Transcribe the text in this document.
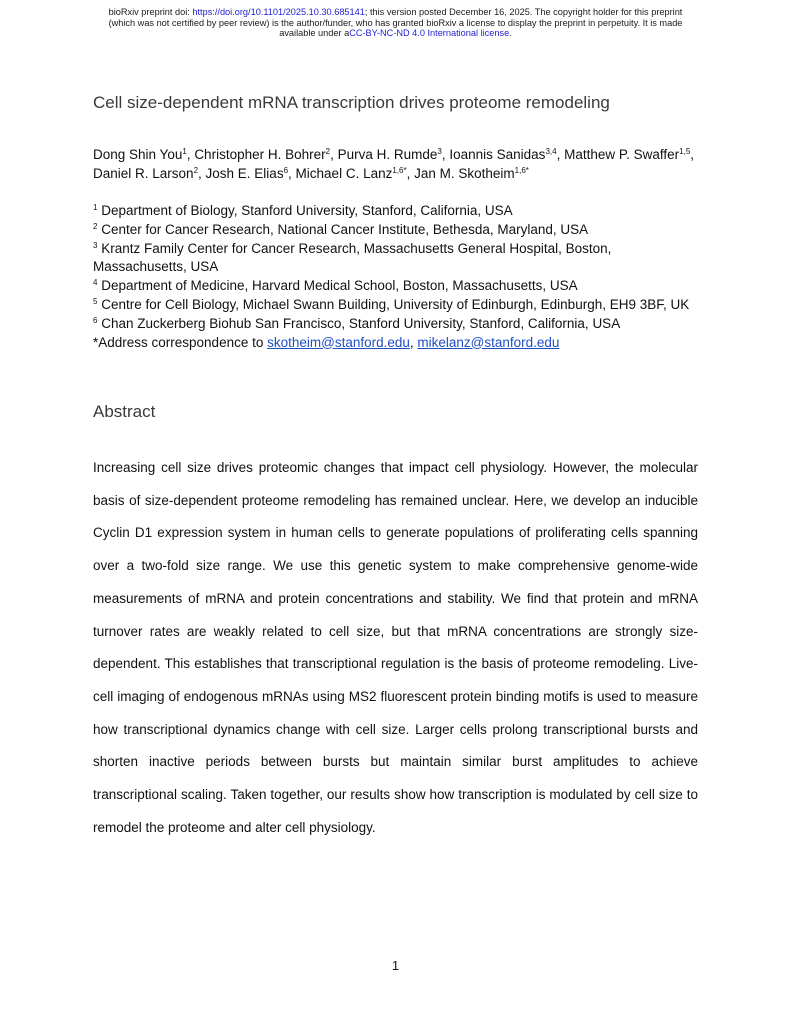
bioRxiv preprint doi: https://doi.org/10.1101/2025.10.30.685141; this version posted December 16, 2025. The copyright holder for this preprint
(which was not certified by peer review) is the author/funder, who has granted bioRxiv a license to display the preprint in perpetuity. It is made
available under aCC-BY-NC-ND 4.0 International license.
Cell size-dependent mRNA transcription drives proteome remodeling
Dong Shin You$^1$, Christopher H. Bohrer$^2$, Purva H. Rumde$^3$, Ioannis Sanidas$^{3,4}$, Matthew P. Swaffer$^{1,5}$, Daniel R. Larson$^2$, Josh E. Elias$^6$, Michael C. Lanz$^{1,6*}$, Jan M. Skotheim$^{1,6*}$
$^1$ Department of Biology, Stanford University, Stanford, California, USA
$^2$ Center for Cancer Research, National Cancer Institute, Bethesda, Maryland, USA
$^3$ Krantz Family Center for Cancer Research, Massachusetts General Hospital, Boston, Massachusetts, USA
$^4$ Department of Medicine, Harvard Medical School, Boston, Massachusetts, USA
$^5$ Centre for Cell Biology, Michael Swann Building, University of Edinburgh, Edinburgh, EH9 3BF, UK
$^6$ Chan Zuckerberg Biohub San Francisco, Stanford University, Stanford, California, USA
*Address correspondence to skotheim@stanford.edu, mikelanz@stanford.edu
Abstract

Increasing cell size drives proteomic changes that impact cell physiology. However, the molecular basis of size-dependent proteome remodeling has remained unclear. Here, we develop an inducible Cyclin D1 expression system in human cells to generate populations of proliferating cells spanning over a two-fold size range. We use this genetic system to make comprehensive genome-wide measurements of mRNA and protein concentrations and stability. We find that protein and mRNA turnover rates are weakly related to cell size, but that mRNA concentrations are strongly size-dependent. This establishes that transcriptional regulation is the basis of proteome remodeling. Live-cell imaging of endogenous mRNAs using MS2 fluorescent protein binding motifs is used to measure how transcriptional dynamics change with cell size. Larger cells prolong transcriptional bursts and shorten inactive periods between bursts but maintain similar burst amplitudes to achieve transcriptional scaling. Taken together, our results show how transcription is modulated by cell size to remodel the proteome and alter cell physiology.

1
